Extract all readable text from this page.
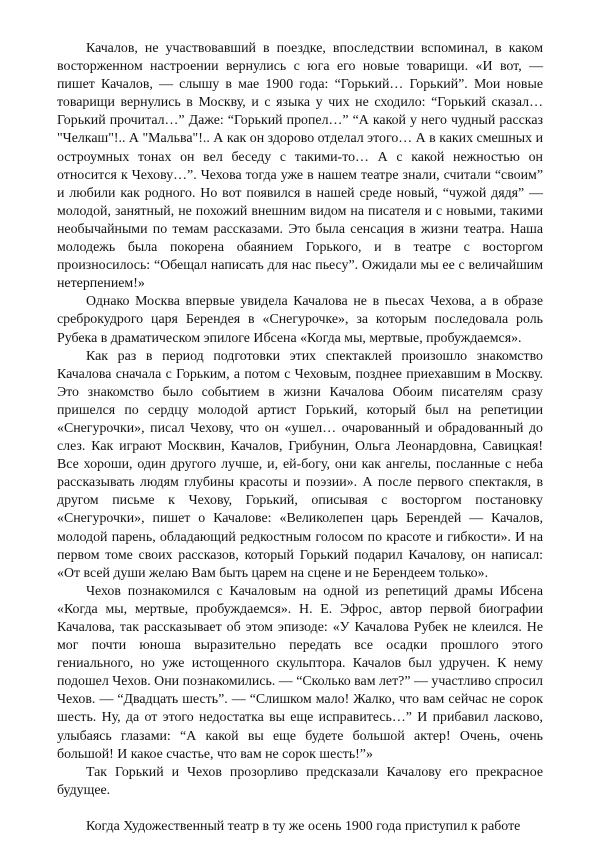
Качалов, не участвовавший в поездке, впоследствии вспоминал, в каком восторженном настроении вернулись с юга его новые товарищи. «И вот, — пишет Качалов, — слышу в мае 1900 года: “Горький… Горький”. Мои новые товарищи вернулись в Москву, и с языка у чих не сходило: “Горький сказал… Горький прочитал…” Даже: “Горький пропел…” “А какой у него чудный рассказ "Челкаш"!.. А "Мальва"!.. А как он здорово отделал этого… А в каких смешных и остроумных тонах он вел беседу с такими-то… А с какой нежностью он относится к Чехову…”. Чехова тогда уже в нашем театре знали, считали “своим” и любили как родного. Но вот появился в нашей среде новый, “чужой дядя” — молодой, занятный, не похожий внешним видом на писателя и с новыми, такими необычайными по темам рассказами. Это была сенсация в жизни театра. Наша молодежь была покорена обаянием Горького, и в театре с восторгом произносилось: “Обещал написать для нас пьесу”. Ожидали мы ее с величайшим нетерпением!»

Однако Москва впервые увидела Качалова не в пьесах Чехова, а в образе среброкудрого царя Берендея в «Снегурочке», за которым последовала роль Рубека в драматическом эпилоге Ибсена «Когда мы, мертвые, пробуждаемся».

Как раз в период подготовки этих спектаклей произошло знакомство Качалова сначала с Горьким, а потом с Чеховым, позднее приехавшим в Москву. Это знакомство было событием в жизни Качалова Обоим писателям сразу пришелся по сердцу молодой артист Горький, который был на репетиции «Снегурочки», писал Чехову, что он «ушел… очарованный и обрадованный до слез. Как играют Москвин, Качалов, Грибунин, Ольга Леонардовна, Савицкая! Все хороши, один другого лучше, и, ей-богу, они как ангелы, посланные с неба рассказывать людям глубины красоты и поэзии». А после первого спектакля, в другом письме к Чехову, Горький, описывая с восторгом постановку «Снегурочки», пишет о Качалове: «Великолепен царь Берендей — Качалов, молодой парень, обладающий редкостным голосом по красоте и гибкости». И на первом томе своих рассказов, который Горький подарил Качалову, он написал: «От всей души желаю Вам быть царем на сцене и не Берендеем только».

Чехов познакомился с Качаловым на одной из репетиций драмы Ибсена «Когда мы, мертвые, пробуждаемся». Н. Е. Эфрос, автор первой биографии Качалова, так рассказывает об этом эпизоде: «У Качалова Рубек не клеился. Не мог почти юноша выразительно передать все осадки прошлого этого гениального, но уже истощенного скульптора. Качалов был удручен. К нему подошел Чехов. Они познакомились. — “Сколько вам лет?” — участливо спросил Чехов. — “Двадцать шесть”. — “Слишком мало! Жалко, что вам сейчас не сорок шесть. Ну, да от этого недостатка вы еще исправитесь…” И прибавил ласково, улыбаясь глазами: “А какой вы еще будете большой актер! Очень, очень большой! И какое счастье, что вам не сорок шесть!”»

Так Горький и Чехов прозорливо предсказали Качалову его прекрасное будущее.

Когда Художественный театр в ту же осень 1900 года приступил к работе
